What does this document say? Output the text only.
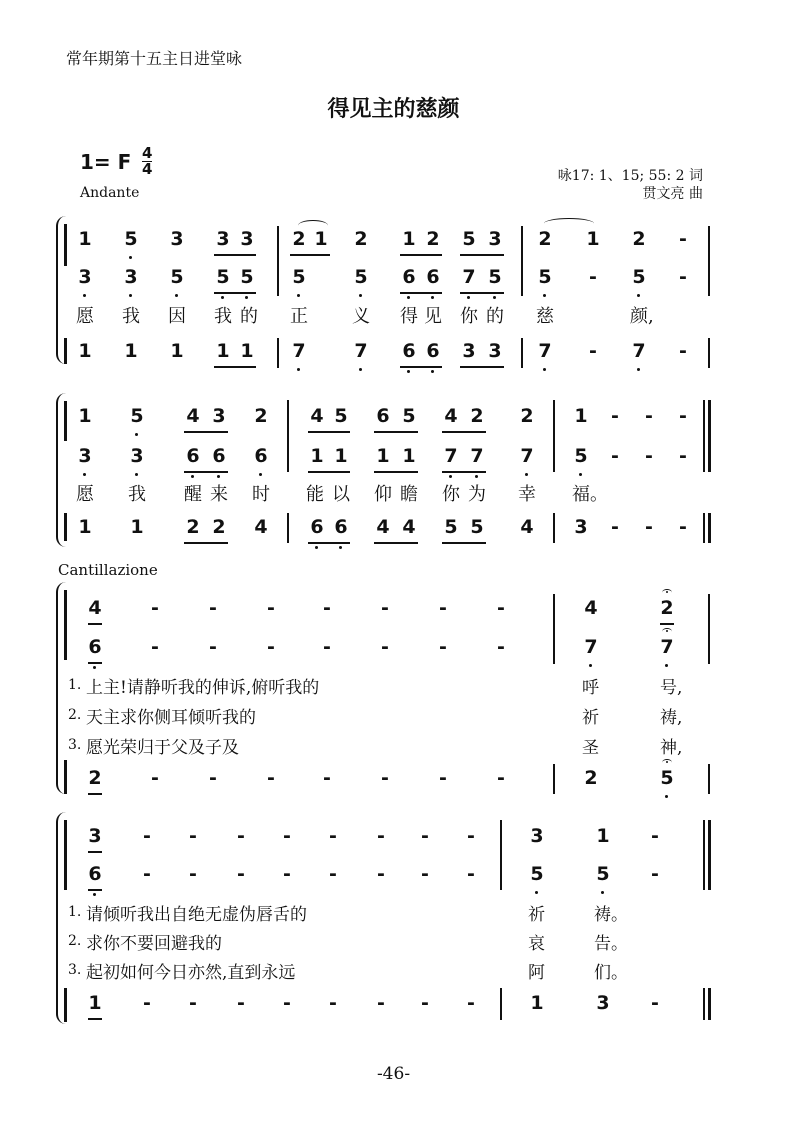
常年期第十五主日进堂咏
得见主的慈颜
1= F 4
4
Andante
咏17: 1、15; 55: 2 词
贯文亮 曲
1 5 3 3 3 2 1 2 1 2 5 3 2 1 2	-
3 3 5 5 5 5	5 6 6 7 5 5	-	5	-
愿 我 因 我 的 正 义 得 见 你 的 慈	颜,
1 1 1 1 1 7	7 6 6 3 3 7	-	7	-
1 5 4 3 2 4 5 6 5 4 2 2 1	-	-	-
3 3 6 6 6 1 1 1 1 7 7 7 5	-	-	-
愿 我 醒 来 时 能 以 仰 瞻 你 为 幸 福。
1 1 2 2 4 6 6 4 4 5 5 4 3	-	-	-
Cantillazione
4	-	-	-	-	-	-	-	4	2
6	-	-	-	-	-	-	-	7	7
1. 上主!请静听我的伸诉,俯听我的	呼	号,
2. 天主求你侧耳倾听我的	祈	祷,
3. 愿光荣归于父及子及	圣	神,
2	-	-	-	-	-	-	-	2	5
3	-	-	-	-	-	-	-	-	3	1	-
6	-	-	-	-	-	-	-	-	5	5	-
1. 请倾听我出自绝无虚伪唇舌的	祈	祷。
2. 求你不要回避我的	哀	告。
3. 起初如何今日亦然,直到永远	阿	们。
1	-	-	-	-	-	-	-	-	1	3	-
-46-
